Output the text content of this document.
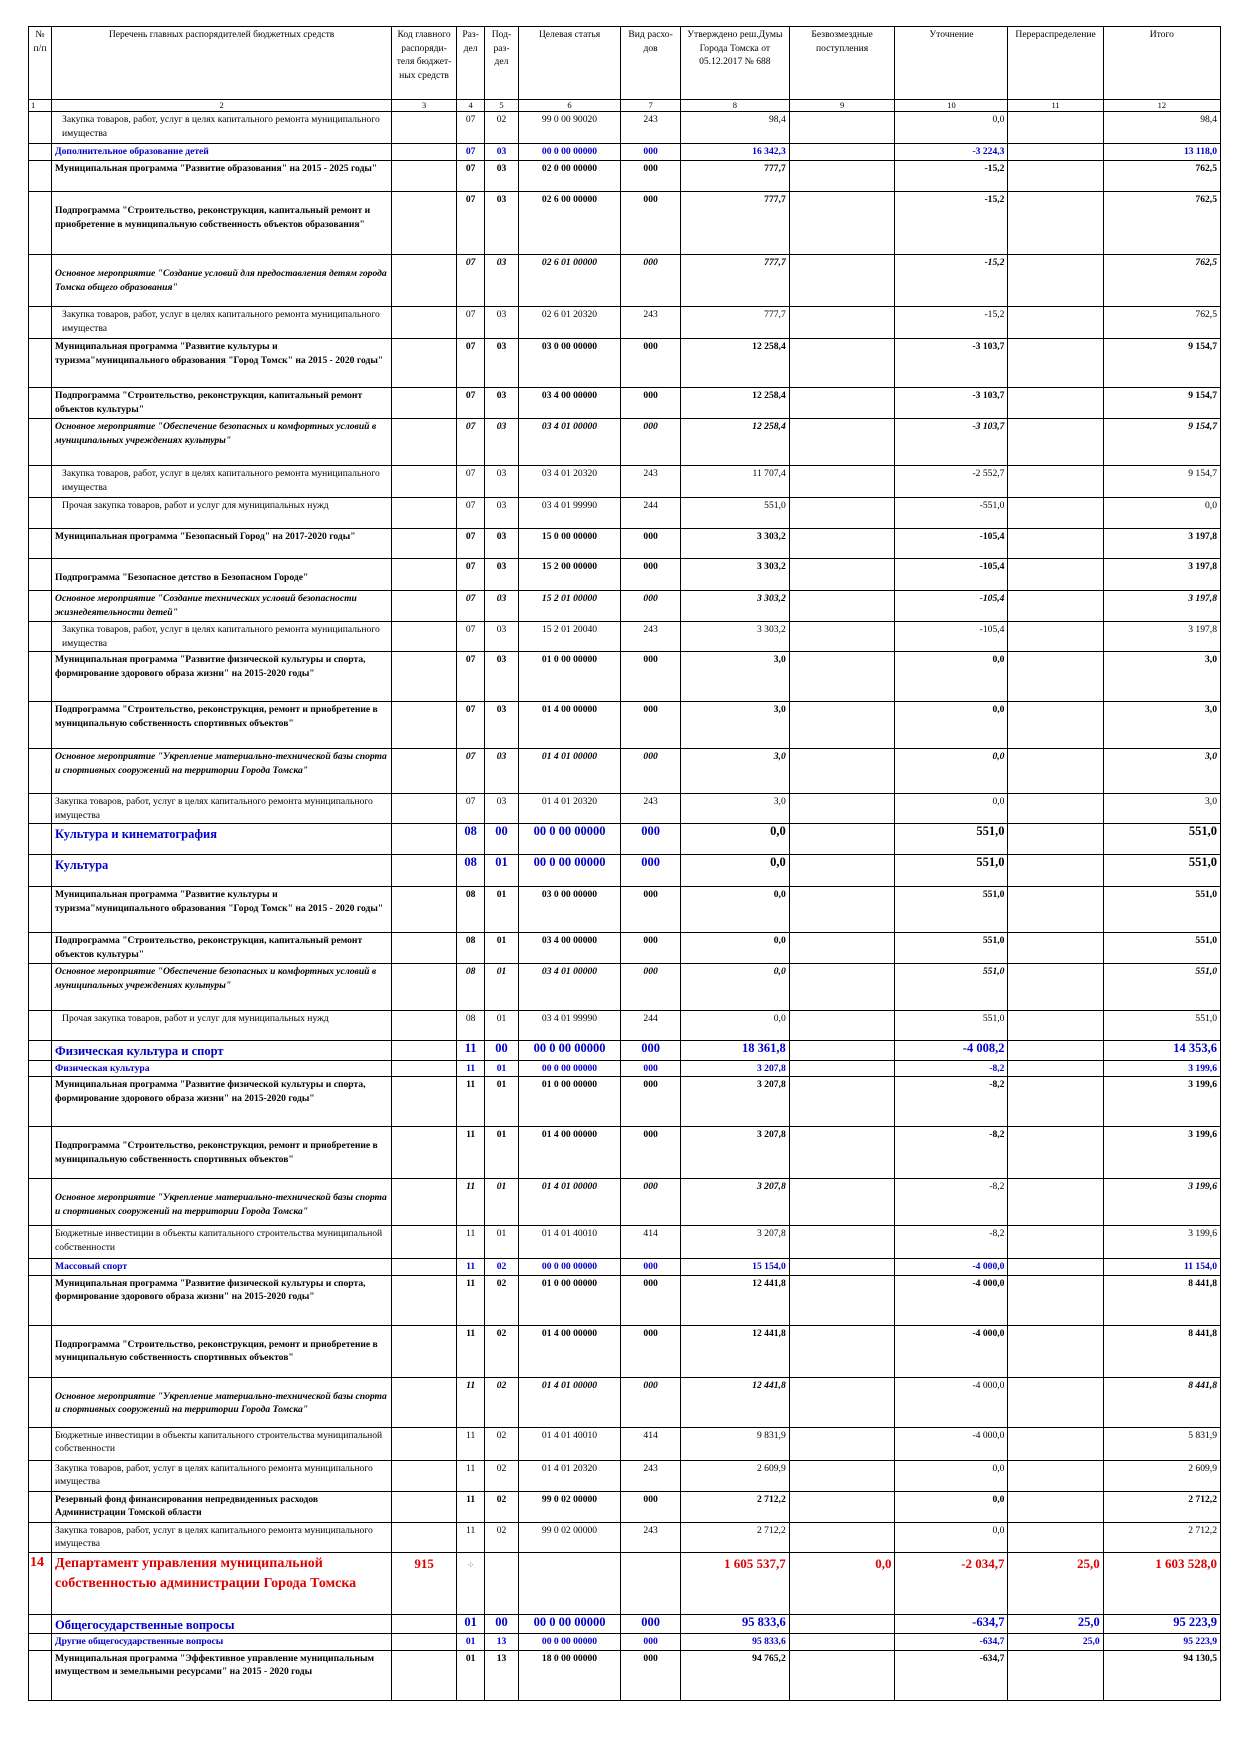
№ п/п	Перечень главных распорядителей бюджетных средств	Код главного распоряди-теля бюджет-ных средств	Раз-дел	Под-раз-дел	Целевая статья	Вид расхо-дов	Утверждено реш.Думы Города Томска от 05.12.2017 № 688	Безвозмездные поступления	Уточнение	Перераспределение	Итого
1	2	3	4	5	6	7	8	9	10	11	12
	Закупка товаров, работ, услуг в целях капитального ремонта муниципального имущества		07	02	99 0 00 90020	243	98,4		0,0		98,4
	Дополнительное образование детей		07	03	00 0 00 00000	000	16 342,3		-3 224,3		13 118,0
	Муниципальная программа "Развитие образования" на 2015 - 2025 годы"		07	03	02 0 00 00000	000	777,7		-15,2		762,5
	Подпрограмма "Строительство, реконструкция, капитальный ремонт и приобретение в муниципальную собственность объектов образования"		07	03	02 6 00 00000	000	777,7		-15,2		762,5
	Основное мероприятие "Создание условий для предоставления детям города Томска общего образования"		07	03	02 6 01 00000	000	777,7		-15,2		762,5
	Закупка товаров, работ, услуг в целях капитального ремонта муниципального имущества		07	03	02 6 01 20320	243	777,7		-15,2		762,5
	Муниципальная программа "Развитие культуры и туризма"муниципального образования "Город Томск" на 2015 - 2020 годы"		07	03	03 0 00 00000	000	12 258,4		-3 103,7		9 154,7
	Подпрограмма "Строительство, реконструкция, капитальный ремонт объектов культуры"		07	03	03 4 00 00000	000	12 258,4		-3 103,7		9 154,7
	Основное мероприятие "Обеспечение безопасных и комфортных условий в муниципальных учреждениях культуры"		07	03	03 4 01 00000	000	12 258,4		-3 103,7		9 154,7
	Закупка товаров, работ, услуг в целях капитального ремонта муниципального имущества		07	03	03 4 01 20320	243	11 707,4		-2 552,7		9 154,7
	Прочая закупка товаров, работ и услуг для муниципальных нужд		07	03	03 4 01 99990	244	551,0		-551,0		0,0
	Муниципальная программа "Безопасный Город" на 2017-2020 годы"		07	03	15 0 00 00000	000	3 303,2		-105,4		3 197,8
	Подпрограмма "Безопасное детство в Безопасном Городе"		07	03	15 2 00 00000	000	3 303,2		-105,4		3 197,8
	Основное мероприятие "Создание технических условий безопасности жизнедеятельности детей"		07	03	15 2 01 00000	000	3 303,2		-105,4		3 197,8
	Закупка товаров, работ, услуг в целях капитального ремонта муниципального имущества		07	03	15 2 01 20040	243	3 303,2		-105,4		3 197,8
	Муниципальная программа "Развитие физической культуры и спорта, формирование здорового образа жизни" на 2015-2020 годы"		07	03	01 0 00 00000	000	3,0		0,0		3,0
	Подпрограмма "Строительство, реконструкция, ремонт и приобретение в муниципальную собственность спортивных объектов"		07	03	01 4 00 00000	000	3,0		0,0		3,0
	Основное мероприятие "Укрепление материально-технической базы спорта и спортивных сооружений на территории Города Томска"		07	03	01 4 01 00000	000	3,0		0,0		3,0
	Закупка товаров, работ, услуг в целях капитального ремонта муниципального имущества		07	03	01 4 01 20320	243	3,0		0,0		3,0
	Культура и кинематография		08	00	00 0 00 00000	000	0,0		551,0		551,0
	Культура		08	01	00 0 00 00000	000	0,0		551,0		551,0
	Муниципальная программа "Развитие культуры и туризма"муниципального образования "Город Томск" на 2015 - 2020 годы"		08	01	03 0 00 00000	000	0,0		551,0		551,0
	Подпрограмма "Строительство, реконструкция, капитальный ремонт объектов культуры"		08	01	03 4 00 00000	000	0,0		551,0		551,0
	Основное мероприятие "Обеспечение безопасных и комфортных условий в муниципальных учреждениях культуры"		08	01	03 4 01 00000	000	0,0		551,0		551,0
	Прочая закупка товаров, работ и услуг для муниципальных нужд		08	01	03 4 01 99990	244	0,0		551,0		551,0
	Физическая культура и спорт		11	00	00 0 00 00000	000	18 361,8		-4 008,2		14 353,6
	Физическая культура		11	01	00 0 00 00000	000	3 207,8		-8,2		3 199,6
	Муниципальная программа "Развитие физической культуры и спорта, формирование здорового образа жизни" на 2015-2020 годы"		11	01	01 0 00 00000	000	3 207,8		-8,2		3 199,6
	Подпрограмма "Строительство, реконструкция, ремонт и приобретение в муниципальную собственность спортивных объектов"		11	01	01 4 00 00000	000	3 207,8		-8,2		3 199,6
	Основное мероприятие "Укрепление материально-технической базы спорта и спортивных сооружений на территории Города Томска"		11	01	01 4 01 00000	000	3 207,8		-8,2		3 199,6
	Бюджетные инвестиции в объекты капитального строительства муниципальной собственности		11	01	01 4 01 40010	414	3 207,8		-8,2		3 199,6
	Массовый спорт		11	02	00 0 00 00000	000	15 154,0		-4 000,0		11 154,0
	Муниципальная программа "Развитие физической культуры и спорта, формирование здорового образа жизни" на 2015-2020 годы"		11	02	01 0 00 00000	000	12 441,8		-4 000,0		8 441,8
	Подпрограмма "Строительство, реконструкция, ремонт и приобретение в муниципальную собственность спортивных объектов"		11	02	01 4 00 00000	000	12 441,8		-4 000,0		8 441,8
	Основное мероприятие "Укрепление материально-технической базы спорта и спортивных сооружений на территории Города Томска"		11	02	01 4 01 00000	000	12 441,8		-4 000,0		8 441,8
	Бюджетные инвестиции в объекты капитального строительства муниципальной собственности		11	02	01 4 01 40010	414	9 831,9		-4 000,0		5 831,9
	Закупка товаров, работ, услуг в целях капитального ремонта муниципального имущества		11	02	01 4 01 20320	243	2 609,9		0,0		2 609,9
	Резервный фонд финансирования непредвиденных расходов Администрации Томской области		11	02	99 0 02 00000	000	2 712,2		0,0		2 712,2
	Закупка товаров, работ, услуг в целях капитального ремонта муниципального имущества		11	02	99 0 02 00000	243	2 712,2		0,0		2 712,2
14	Департамент управления муниципальной собственностью администрации Города Томска	915	⁘				1 605 537,7	0,0	-2 034,7	25,0	1 603 528,0
	Общегосударственные вопросы		01	00	00 0 00 00000	000	95 833,6		-634,7	25,0	95 223,9
	Другие общегосударственные вопросы		01	13	00 0 00 00000	000	95 833,6		-634,7	25,0	95 223,9
	Муниципальная программа "Эффективное управление муниципальным имуществом и земельными ресурсами" на 2015 - 2020 годы		01	13	18 0 00 00000	000	94 765,2		-634,7		94 130,5
